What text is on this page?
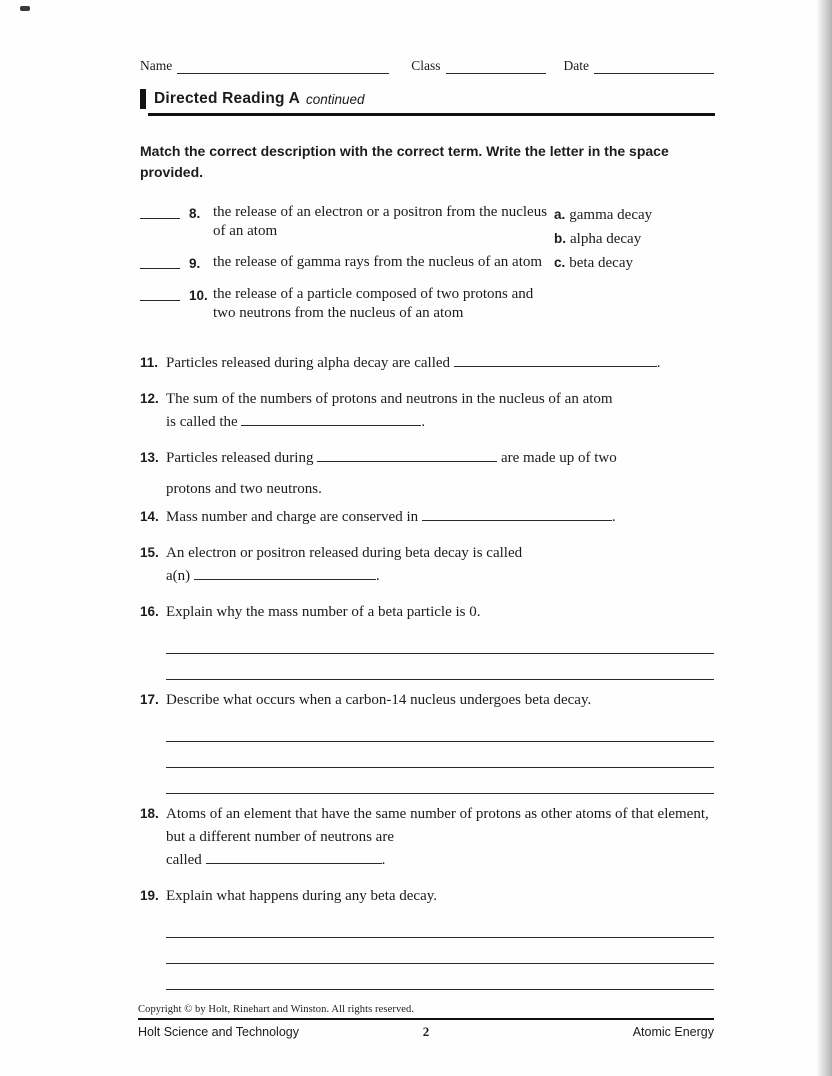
Name	Class	Date
Directed Reading A continued

Match the correct description with the correct term. Write the letter in the space provided.

8. the release of an electron or a positron from the nucleus of an atom
9. the release of gamma rays from the nucleus of an atom
10. the release of a particle composed of two protons and two neutrons from the nucleus of an atom
a. gamma decay
b. alpha decay
c. beta decay
11. Particles released during alpha decay are called	.
12. The sum of the numbers of protons and neutrons in the nucleus of an atom
is called the	.
13. Particles released during	are made up of two
protons and two neutrons.
14. Mass number and charge are conserved in	.
15. An electron or positron released during beta decay is called
a(n)	.
16. Explain why the mass number of a beta particle is 0.
17. Describe what occurs when a carbon-14 nucleus undergoes beta decay.
18. Atoms of an element that have the same number of protons as other atoms of that element, but a different number of neutrons are
called	.
19. Explain what happens during any beta decay.
Copyright © by Holt, Rinehart and Winston. All rights reserved.
Holt Science and Technology	2	Atomic Energy
